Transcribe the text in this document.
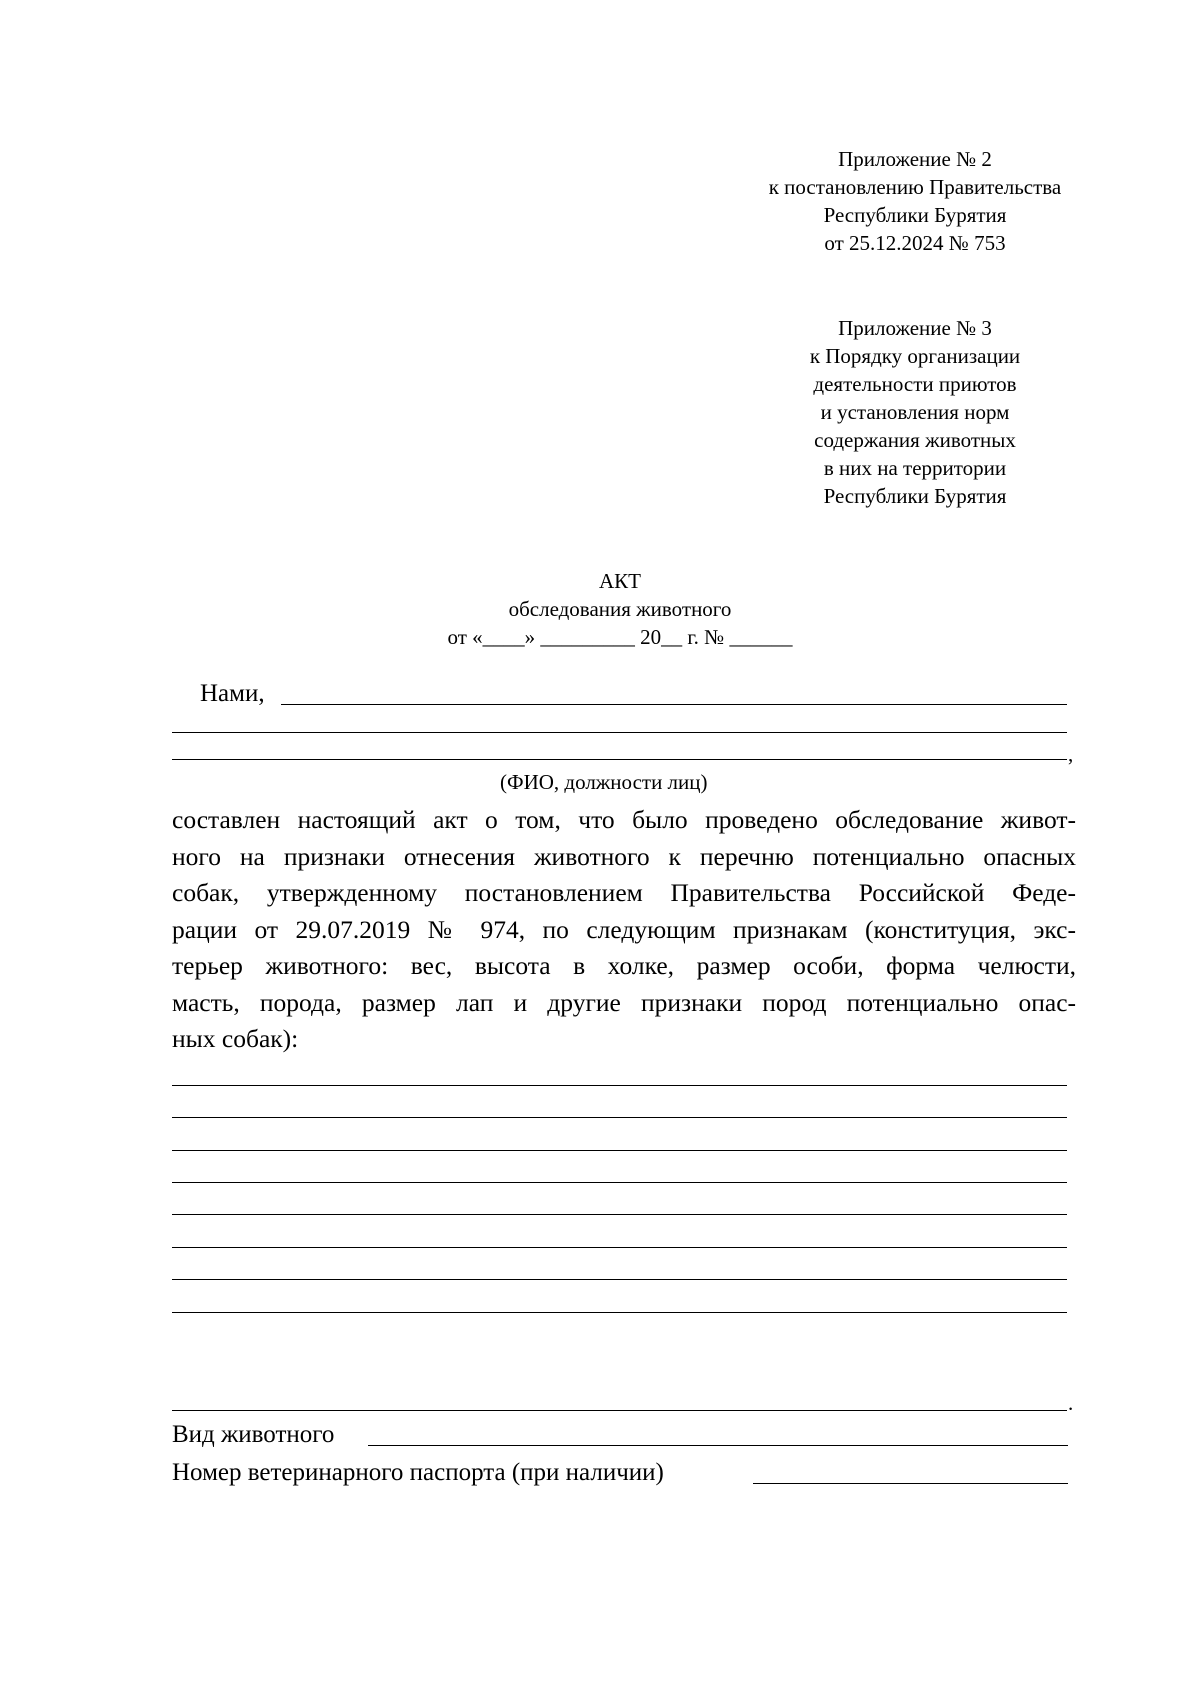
Приложение № 2
к постановлению Правительства
Республики Бурятия
от 25.12.2024 № 753
Приложение № 3
к Порядку организации
деятельности приютов
и установления норм
содержания животных
в них на территории
Республики Бурятия
АКТ
обследования животного
от «____» _________ 20__ г. № ______
Нами,
,
(ФИО, должности лиц)
составлен настоящий акт о том, что было проведено обследование живот-
ного на признаки отнесения животного к перечню потенциально опасных
собак, утвержденному постановлением Правительства Российской Феде-
рации от 29.07.2019 № 974, по следующим признакам (конституция, экс-
терьер животного: вес, высота в холке, размер особи, форма челюсти,
масть, порода, размер лап и другие признаки пород потенциально опас-
ных собак):
.
Вид животного
Номер ветеринарного паспорта (при наличии)
